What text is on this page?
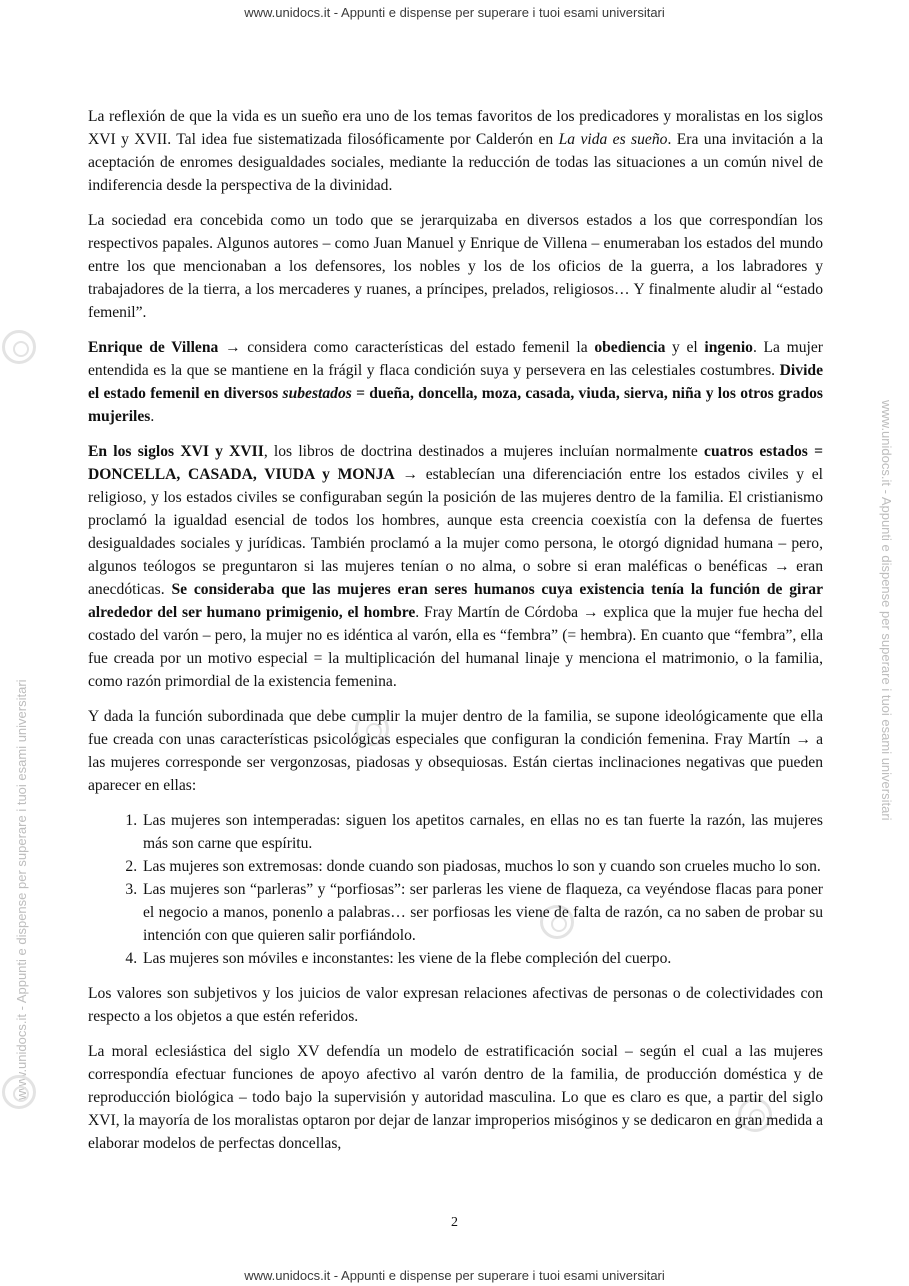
www.unidocs.it - Appunti e dispense per superare i tuoi esami universitari
www.unidocs.it - Appunti e dispense per superare i tuoi esami universitari
www.unidocs.it - Appunti e dispense per superare i tuoi esami universitari
www.unidocs.it - Appunti e dispense per superare i tuoi esami universitari

La reflexión de que la vida es un sueño era uno de los temas favoritos de los predicadores y moralistas en los siglos XVI y XVII. Tal idea fue sistematizada filosóficamente por Calderón en La vida es sueño. Era una invitación a la aceptación de enromes desigualdades sociales, mediante la reducción de todas las situaciones a un común nivel de indiferencia desde la perspectiva de la divinidad.

La sociedad era concebida como un todo que se jerarquizaba en diversos estados a los que correspondían los respectivos papales. Algunos autores – como Juan Manuel y Enrique de Villena – enumeraban los estados del mundo entre los que mencionaban a los defensores, los nobles y los de los oficios de la guerra, a los labradores y trabajadores de la tierra, a los mercaderes y ruanes, a príncipes, prelados, religiosos… Y finalmente aludir al “estado femenil”.

Enrique de Villena → considera como características del estado femenil la obediencia y el ingenio. La mujer entendida es la que se mantiene en la frágil y flaca condición suya y persevera en las celestiales costumbres. Divide el estado femenil en diversos subestados = dueña, doncella, moza, casada, viuda, sierva, niña y los otros grados mujeriles.

En los siglos XVI y XVII, los libros de doctrina destinados a mujeres incluían normalmente cuatros estados = DONCELLA, CASADA, VIUDA y MONJA → establecían una diferenciación entre los estados civiles y el religioso, y los estados civiles se configuraban según la posición de las mujeres dentro de la familia. El cristianismo proclamó la igualdad esencial de todos los hombres, aunque esta creencia coexistía con la defensa de fuertes desigualdades sociales y jurídicas. También proclamó a la mujer como persona, le otorgó dignidad humana – pero, algunos teólogos se preguntaron si las mujeres tenían o no alma, o sobre si eran maléficas o benéficas → eran anecdóticas. Se consideraba que las mujeres eran seres humanos cuya existencia tenía la función de girar alrededor del ser humano primigenio, el hombre. Fray Martín de Córdoba → explica que la mujer fue hecha del costado del varón – pero, la mujer no es idéntica al varón, ella es “fembra” (= hembra). En cuanto que “fembra”, ella fue creada por un motivo especial = la multiplicación del humanal linaje y menciona el matrimonio, o la familia, como razón primordial de la existencia femenina.

Y dada la función subordinada que debe cumplir la mujer dentro de la familia, se supone ideológicamente que ella fue creada con unas características psicológicas especiales que configuran la condición femenina. Fray Martín → a las mujeres corresponde ser vergonzosas, piadosas y obsequiosas. Están ciertas inclinaciones negativas que pueden aparecer en ellas:

1. Las mujeres son intemperadas: siguen los apetitos carnales, en ellas no es tan fuerte la razón, las mujeres más son carne que espíritu.
2. Las mujeres son extremosas: donde cuando son piadosas, muchos lo son y cuando son crueles mucho lo son.
3. Las mujeres son “parleras” y “porfiosas”: ser parleras les viene de flaqueza, ca veyéndose flacas para poner el negocio a manos, ponenlo a palabras… ser porfiosas les viene de falta de razón, ca no saben de probar su intención con que quieren salir porfiándolo.
4. Las mujeres son móviles e inconstantes: les viene de la flebe compleción del cuerpo.

Los valores son subjetivos y los juicios de valor expresan relaciones afectivas de personas o de colectividades con respecto a los objetos a que estén referidos.

La moral eclesiástica del siglo XV defendía un modelo de estratificación social – según el cual a las mujeres correspondía efectuar funciones de apoyo afectivo al varón dentro de la familia, de producción doméstica y de reproducción biológica – todo bajo la supervisión y autoridad masculina. Lo que es claro es que, a partir del siglo XVI, la mayoría de los moralistas optaron por dejar de lanzar improperios misóginos y se dedicaron en gran medida a elaborar modelos de perfectas doncellas,

2
